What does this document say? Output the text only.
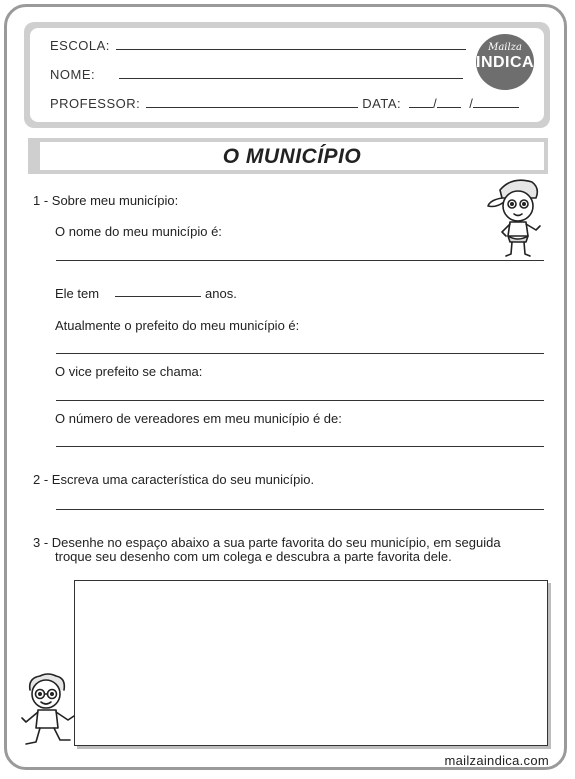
ESCOLA:
NOME:
PROFESSOR:	DATA: / /
Mailza
INDICA
O MUNICÍPIO
1 - Sobre meu município:
O nome do meu município é:
Ele tem	anos.
Atualmente o prefeito do meu município é:
O vice prefeito se chama:
O número de vereadores em meu município é de:
2 - Escreva uma característica do seu município.
3 - Desenhe no espaço abaixo a sua parte favorita do seu município, em seguida
troque seu desenho com um colega e descubra a parte favorita dele.
mailzaindica.com
